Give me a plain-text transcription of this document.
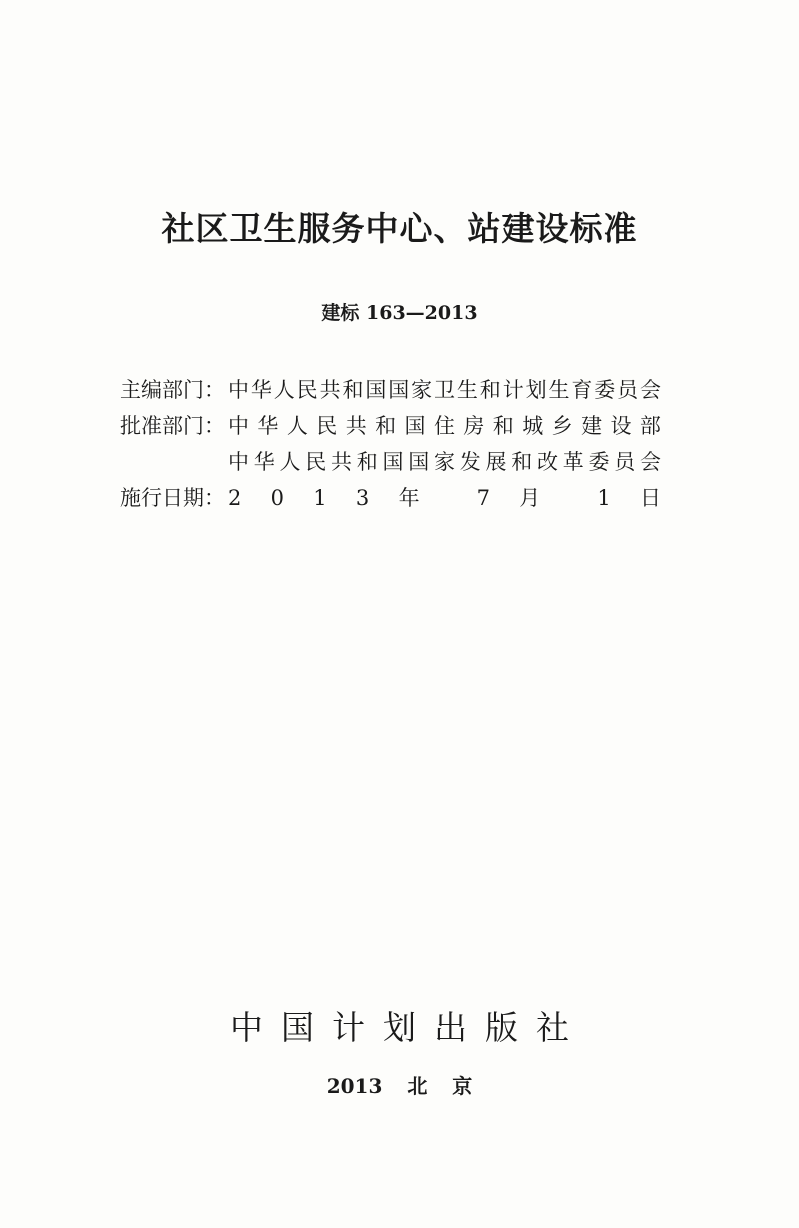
社区卫生服务中心、站建设标准
建标 163—2013
主编部门： 中 华 人 民 共 和 国 国 家 卫 生 和 计 划 生 育 委 员 会
批准部门： 中 华 人 民 共 和 国 住 房 和 城 乡 建 设 部
中 华 人 民 共 和 国 国 家 发 展 和 改 革 委 员 会
施行日期： 2 0 1 3 年 7 月 1 日
中国计划出版社
2013 北 京
